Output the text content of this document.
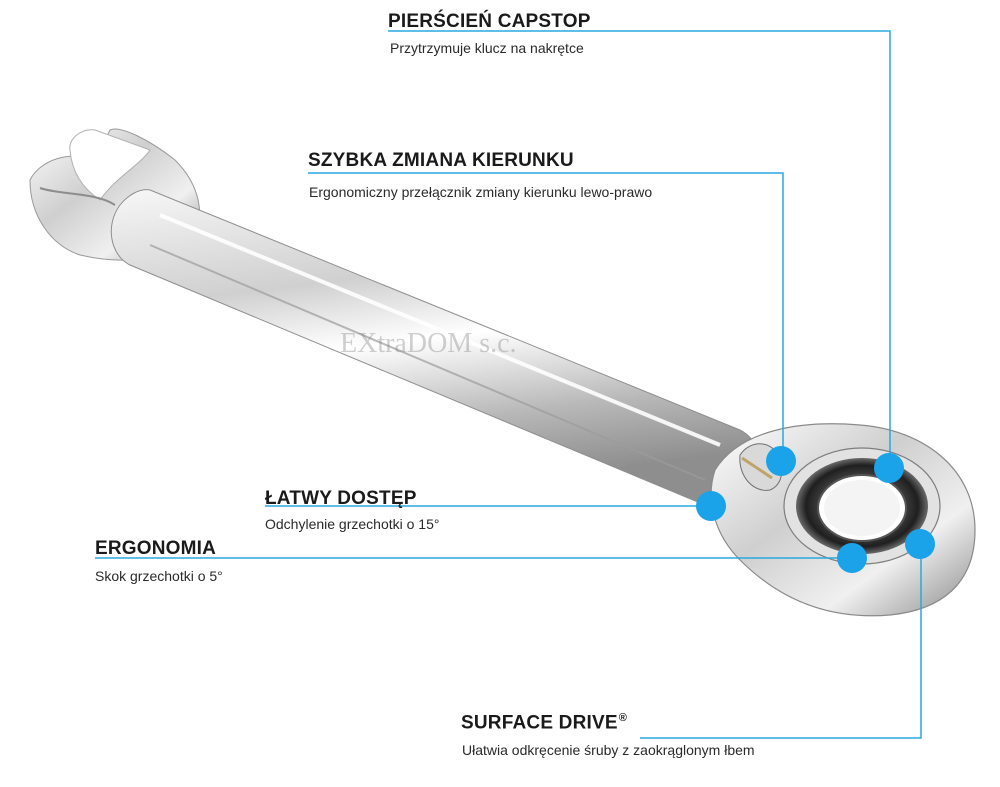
EXtraDOM s.c.
PIERŚCIEŃ CAPSTOP
Przytrzymuje klucz na nakrętce
SZYBKA ZMIANA KIERUNKU
Ergonomiczny przełącznik zmiany kierunku lewo-prawo
ŁATWY DOSTĘP
Odchylenie grzechotki o 15°
ERGONOMIA
Skok grzechotki o 5°
SURFACE DRIVE®
Ułatwia odkręcenie śruby z zaokrąglonym łbem
